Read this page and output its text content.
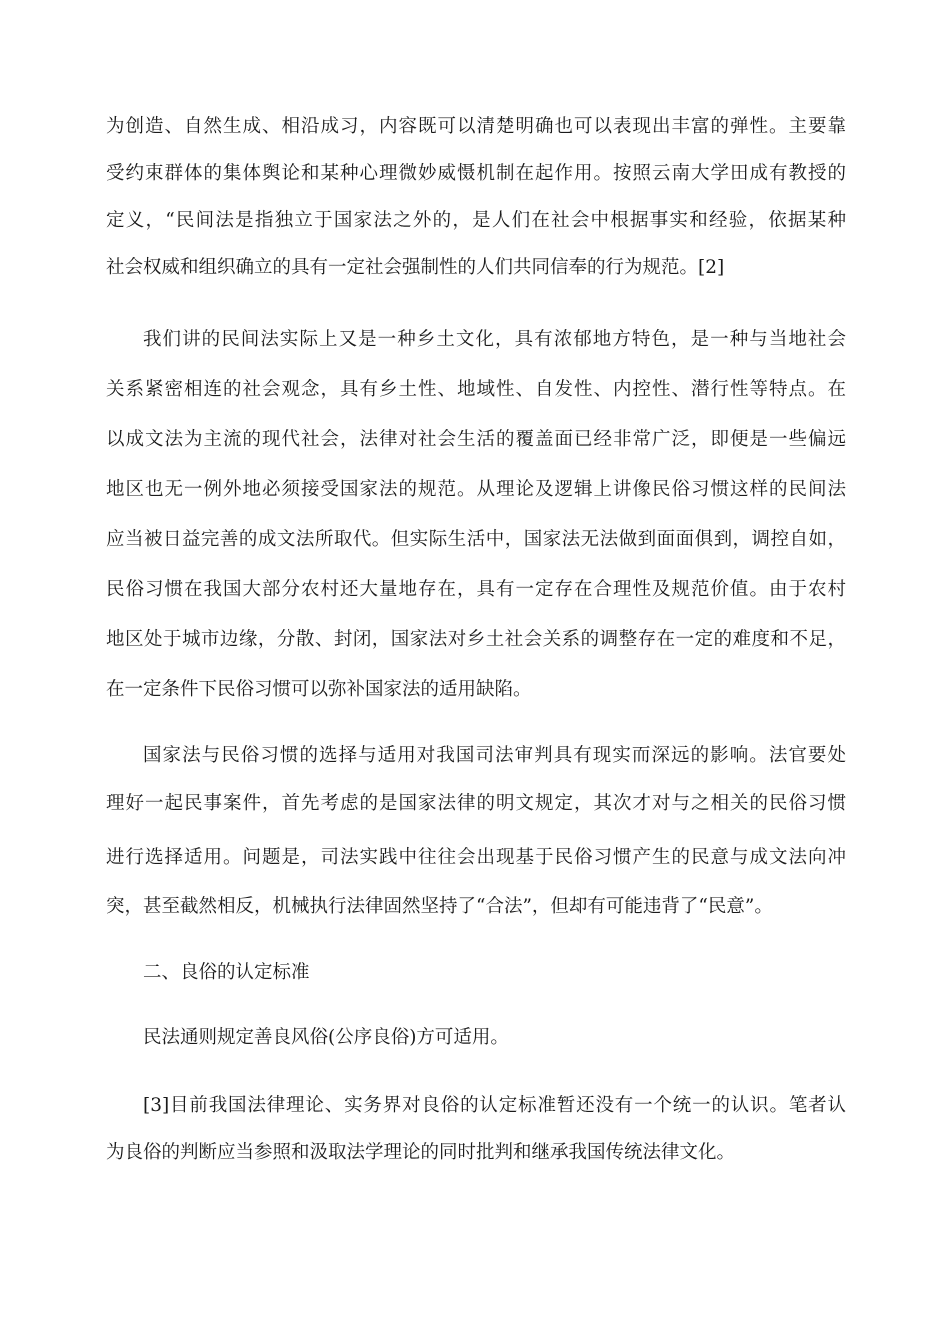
为创造、自然生成、相沿成习，内容既可以清楚明确也可以表现出丰富的弹性。主要靠
受约束群体的集体舆论和某种心理微妙威慑机制在起作用。按照云南大学田成有教授的
定义，“民间法是指独立于国家法之外的，是人们在社会中根据事实和经验，依据某种
社会权威和组织确立的具有一定社会强制性的人们共同信奉的行为规范。[2]
我们讲的民间法实际上又是一种乡土文化，具有浓郁地方特色，是一种与当地社会
关系紧密相连的社会观念，具有乡土性、地域性、自发性、内控性、潜行性等特点。在
以成文法为主流的现代社会，法律对社会生活的覆盖面已经非常广泛，即便是一些偏远
地区也无一例外地必须接受国家法的规范。从理论及逻辑上讲像民俗习惯这样的民间法
应当被日益完善的成文法所取代。但实际生活中，国家法无法做到面面俱到，调控自如，
民俗习惯在我国大部分农村还大量地存在，具有一定存在合理性及规范价值。由于农村
地区处于城市边缘，分散、封闭，国家法对乡土社会关系的调整存在一定的难度和不足，
在一定条件下民俗习惯可以弥补国家法的适用缺陷。
国家法与民俗习惯的选择与适用对我国司法审判具有现实而深远的影响。法官要处
理好一起民事案件，首先考虑的是国家法律的明文规定，其次才对与之相关的民俗习惯
进行选择适用。问题是，司法实践中往往会出现基于民俗习惯产生的民意与成文法向冲
突，甚至截然相反，机械执行法律固然坚持了“合法”，但却有可能违背了“民意”。
二、良俗的认定标准
民法通则规定善良风俗(公序良俗)方可适用。
[3]目前我国法律理论、实务界对良俗的认定标准暂还没有一个统一的认识。笔者认
为良俗的判断应当参照和汲取法学理论的同时批判和继承我国传统法律文化。
